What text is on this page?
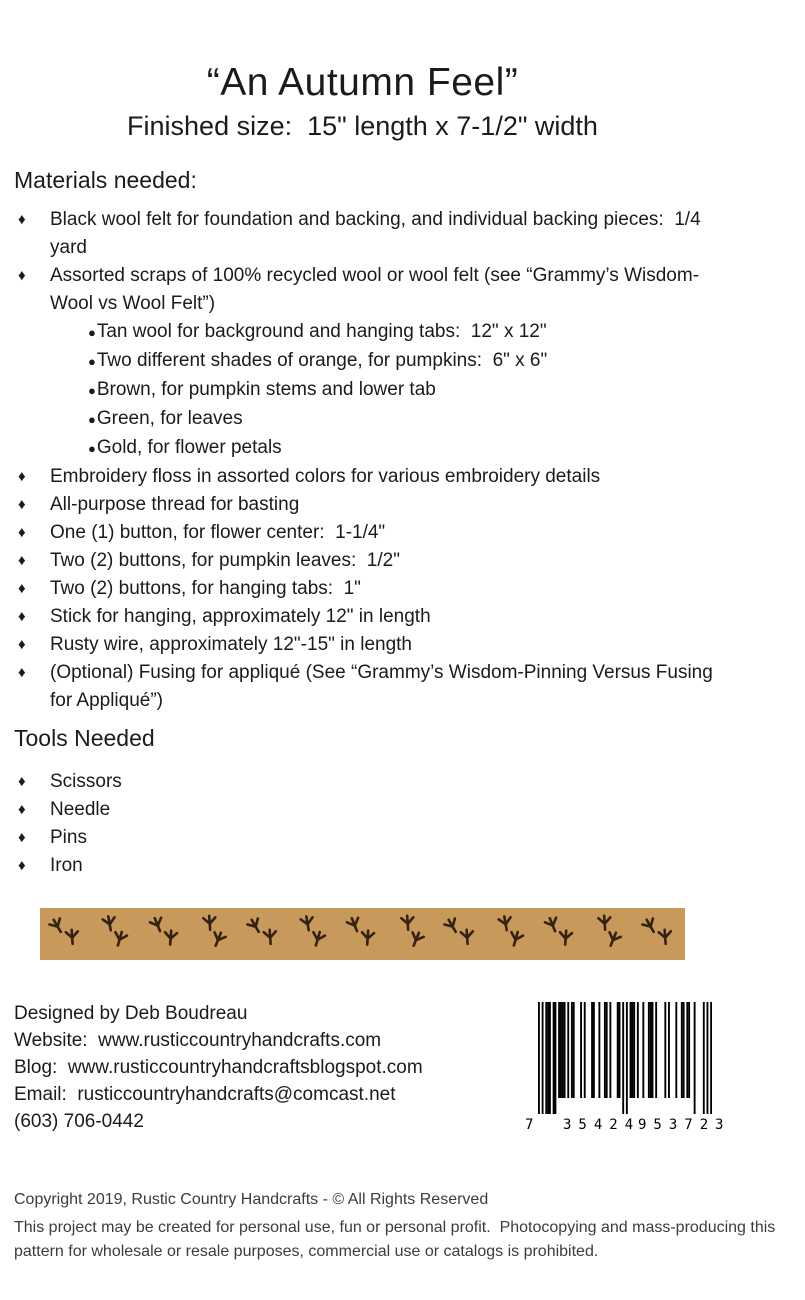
“An Autumn Feel”
Finished size:  15" length x 7-1/2" width
Materials needed:
♦ Black wool felt for foundation and backing, and individual backing pieces:  1/4 yard
♦ Assorted scraps of 100% recycled wool or wool felt (see “Grammy’s Wisdom-Wool vs Wool Felt”)
●Tan wool for background and hanging tabs:  12" x 12"
●Two different shades of orange, for pumpkins:  6" x 6"
●Brown, for pumpkin stems and lower tab
●Green, for leaves
●Gold, for flower petals
♦ Embroidery floss in assorted colors for various embroidery details
♦ All-purpose thread for basting
♦ One (1) button, for flower center:  1-1/4"
♦ Two (2) buttons, for pumpkin leaves:  1/2"
♦ Two (2) buttons, for hanging tabs:  1"
♦ Stick for hanging, approximately 12" in length
♦ Rusty wire, approximately 12"-15" in length
♦ (Optional) Fusing for appliqué (See “Grammy’s Wisdom-Pinning Versus Fusing for Appliqué”)
Tools Needed
♦ Scissors
♦ Needle
♦ Pins
♦ Iron
Designed by Deb Boudreau
Website:  www.rusticcountryhandcrafts.com
Blog:  www.rusticcountryhandcraftsblogspot.com
Email:  rusticcountryhandcrafts@comcast.net
(603) 706-0442	7 35424
95372 3
Copyright 2019, Rustic Country Handcrafts - © All Rights Reserved
This project may be created for personal use, fun or personal profit.  Photocopying and mass-producing this pattern for wholesale or resale purposes, commercial use or catalogs is prohibited.
